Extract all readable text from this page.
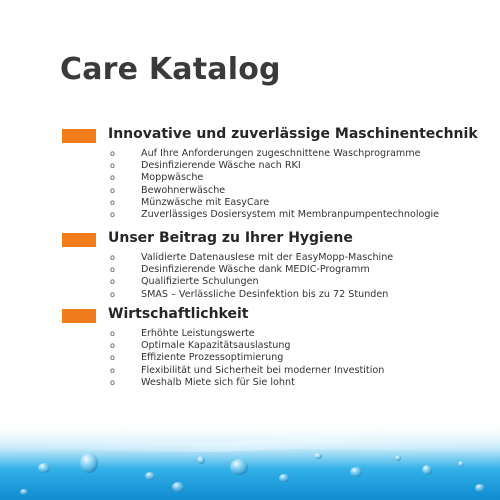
Care Katalog
Innovative und zuverlässige Maschinentechnik
o	Auf Ihre Anforderungen zugeschnittene Waschprogramme
o	Desinfizierende Wäsche nach RKI
o	Moppwäsche
o	Bewohnerwäsche
o	Münzwäsche mit EasyCare
o	Zuverlässiges Dosiersystem mit Membranpumpentechnologie
Unser Beitrag zu Ihrer Hygiene
o	Validierte Datenauslese mit der EasyMopp-Maschine
o	Desinfizierende Wäsche dank MEDIC-Programm
o	Qualifizierte Schulungen
o	SMAS – Verlässliche Desinfektion bis zu 72 Stunden
Wirtschaftlichkeit
o	Erhöhte Leistungswerte
o	Optimale Kapazitätsauslastung
o	Effiziente Prozessoptimierung
o	Flexibilität und Sicherheit bei moderner Investition
o	Weshalb Miete sich für Sie lohnt
